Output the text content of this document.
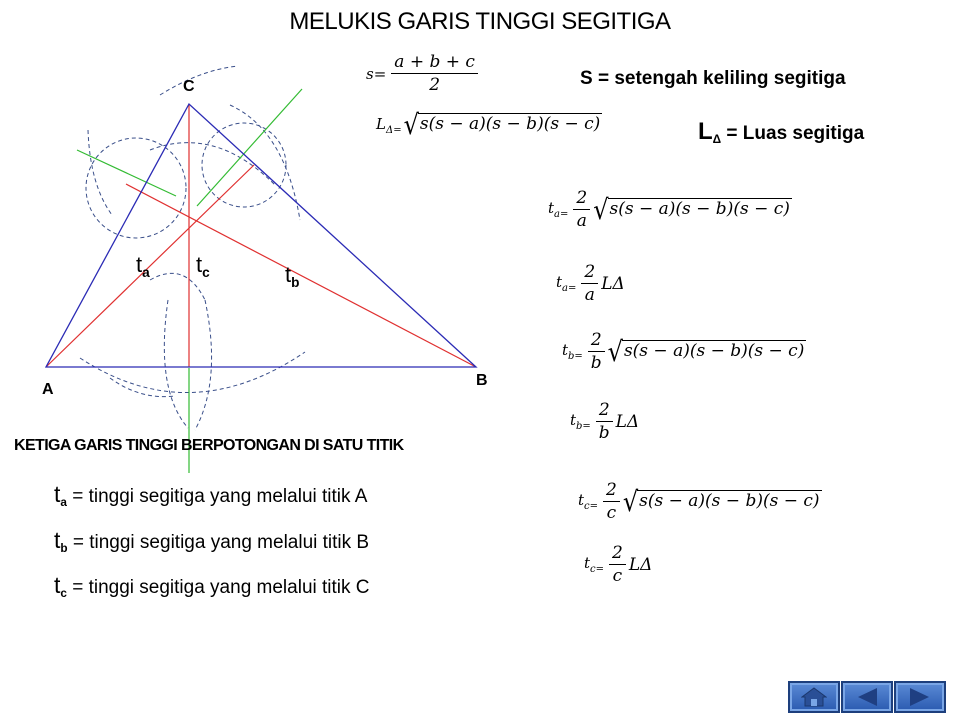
MELUKIS GARIS TINGGI SEGITIGA
C
A
B
$t_a$ $t_c$	$t_b$
KETIGA GARIS TINGGI BERPOTONGAN DI SATU TITIK
$t_a$ = tinggi segitiga yang melalui titik A
$t_b$ = tinggi segitiga yang melalui titik B
$t_c$ = tinggi segitiga yang melalui titik C
S = setengah keliling segitiga
$L_\Delta$ = Luas segitiga
$s= \frac{a + b + c}{2}$
$L_{\Delta=}$ √ s(s − a)(s − b)(s − c)
$t_{a=} \frac{2}{a}$ √ s(s − a)(s − b)(s − c)
$t_{a=} \frac{2}{a}$ LΔ
$t_{b=} \frac{2}{b}$ √ s(s − a)(s − b)(s − c)
$t_{b=} \frac{2}{b}$ LΔ
$t_{c=} \frac{2}{c}$ √ s(s − a)(s − b)(s − c)
$t_{c=} \frac{2}{c}$ LΔ
